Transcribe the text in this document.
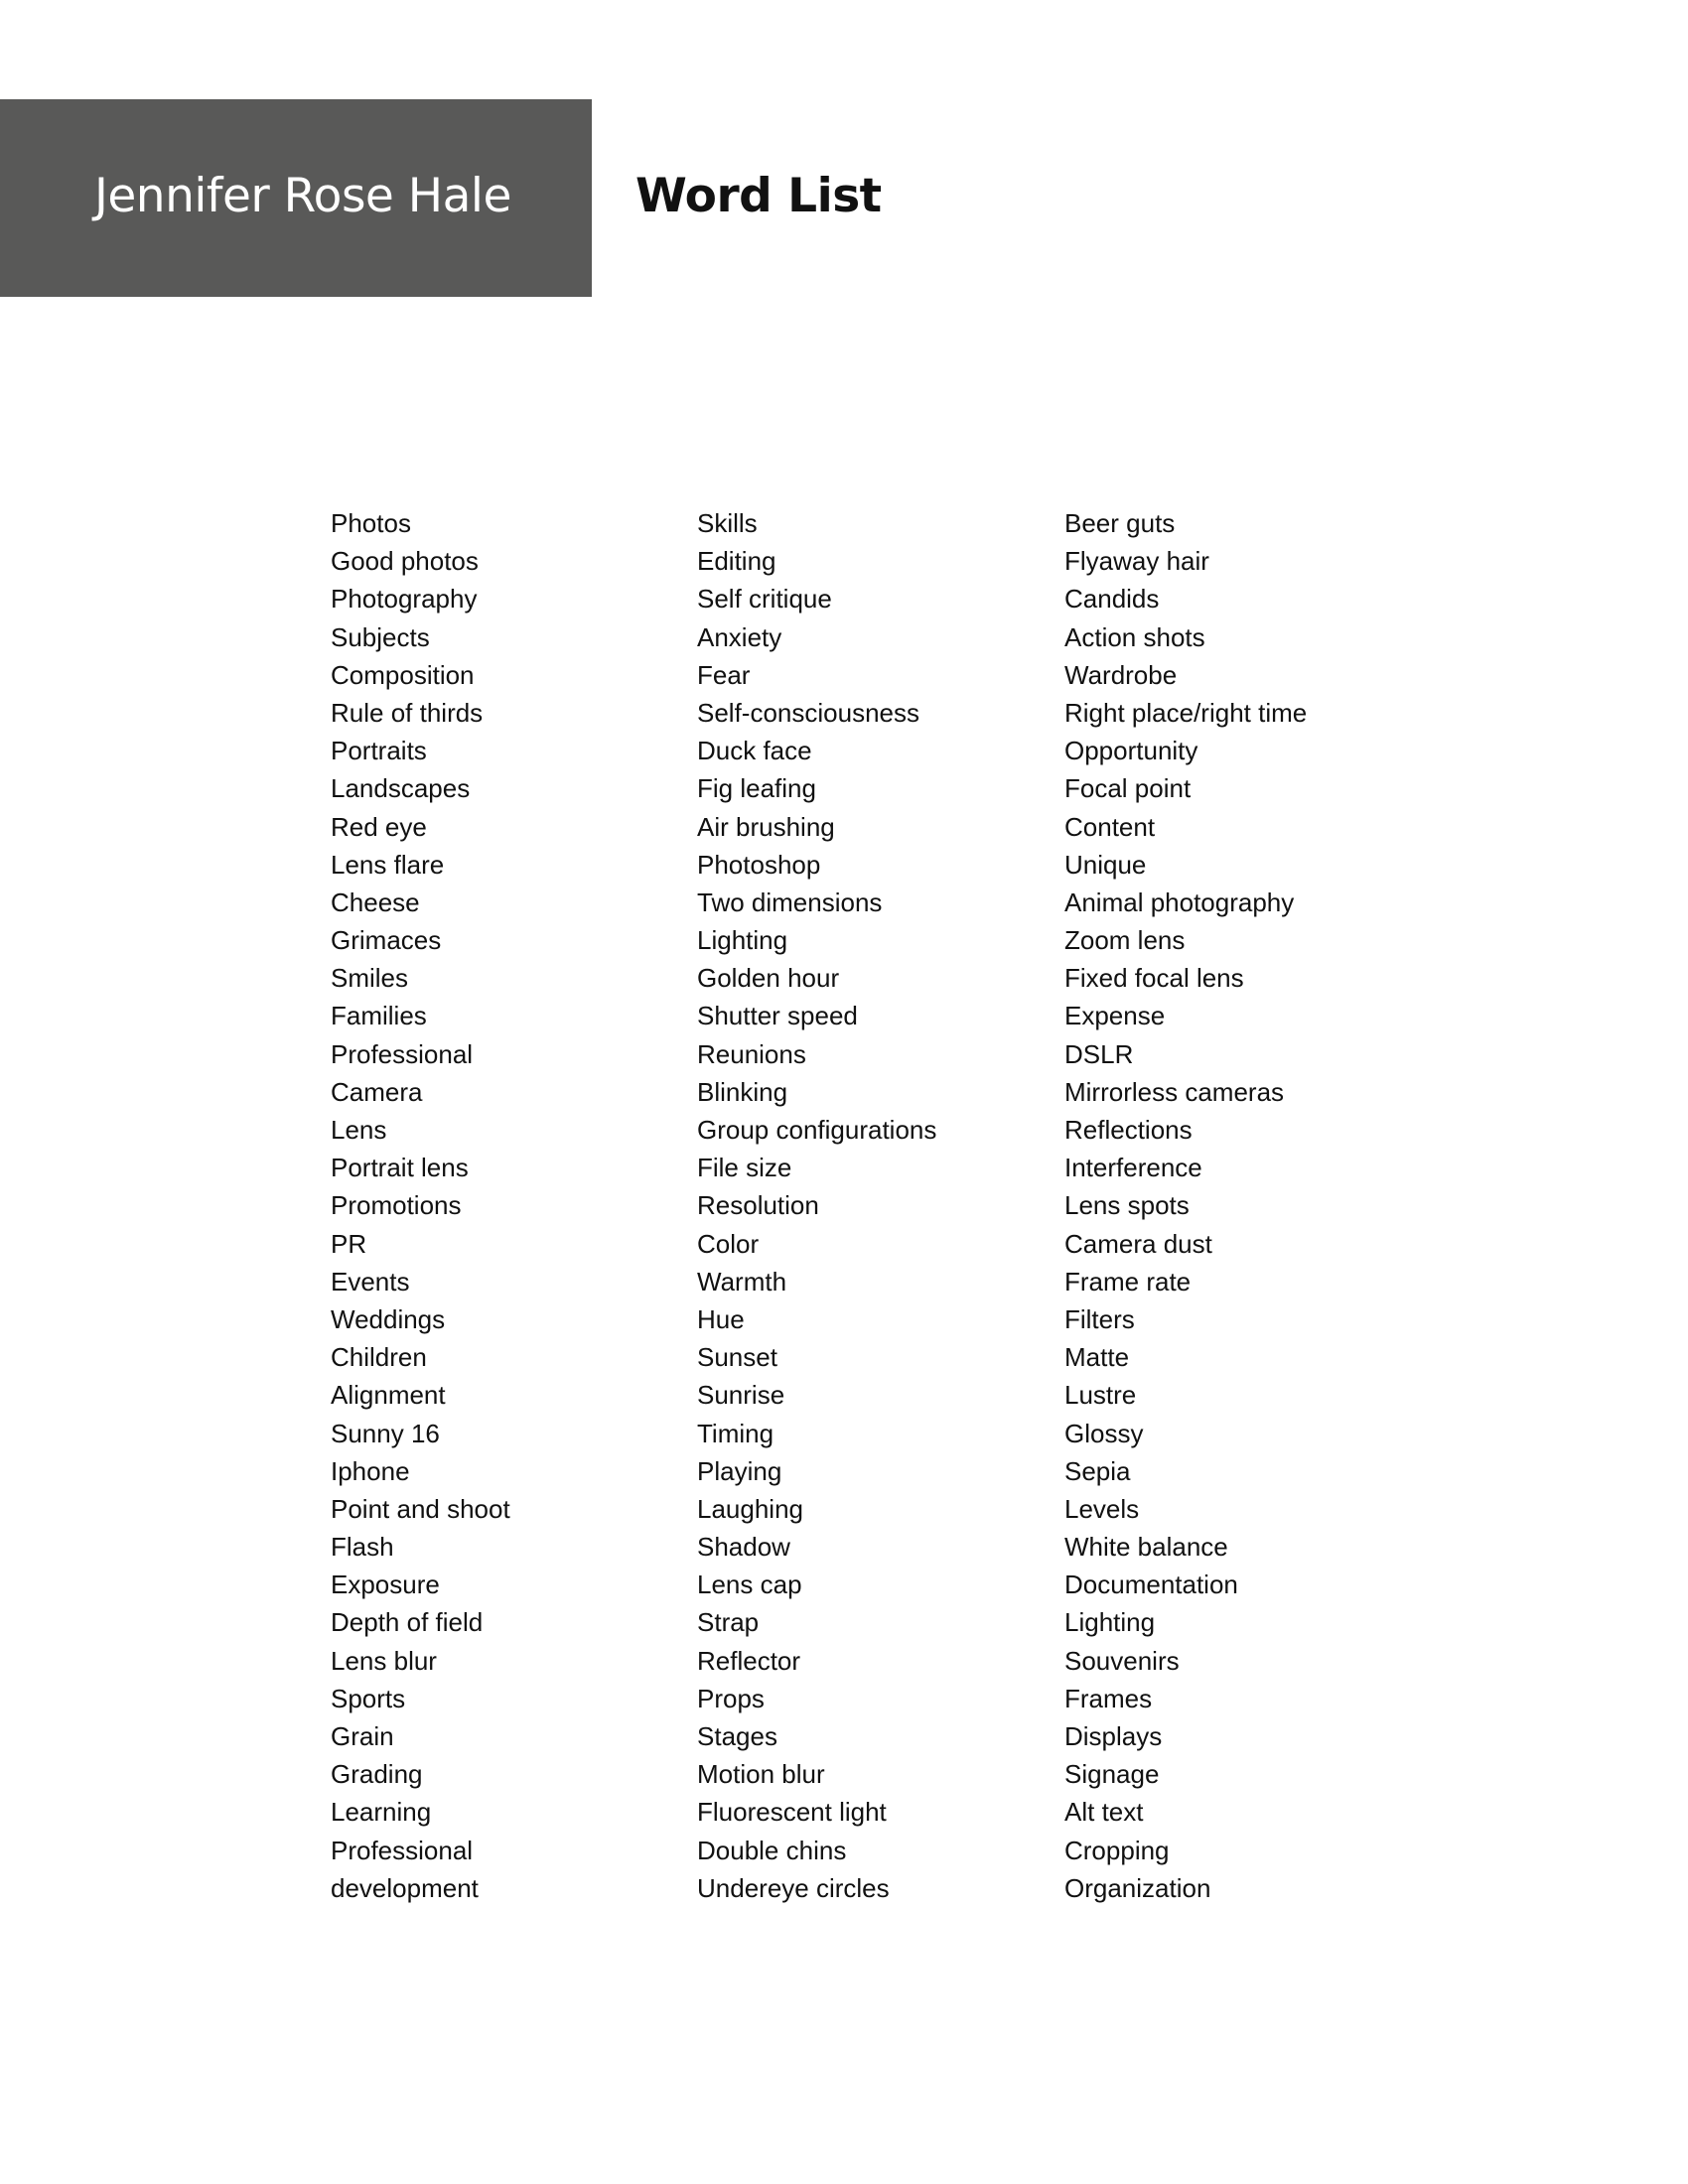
Jennifer Rose Hale	Word List
Photos
Good photos
Photography
Subjects
Composition
Rule of thirds
Portraits
Landscapes
Red eye
Lens flare
Cheese
Grimaces
Smiles
Families
Professional
Camera
Lens
Portrait lens
Promotions
PR
Events
Weddings
Children
Alignment
Sunny 16
Iphone
Point and shoot
Flash
Exposure
Depth of field
Lens blur
Sports
Grain
Grading
Learning
Professional
development
Skills
Editing
Self critique
Anxiety
Fear
Self-consciousness
Duck face
Fig leafing
Air brushing
Photoshop
Two dimensions
Lighting
Golden hour
Shutter speed
Reunions
Blinking
Group configurations
File size
Resolution
Color
Warmth
Hue
Sunset
Sunrise
Timing
Playing
Laughing
Shadow
Lens cap
Strap
Reflector
Props
Stages
Motion blur
Fluorescent light
Double chins
Undereye circles
Beer guts
Flyaway hair
Candids
Action shots
Wardrobe
Right place/right time
Opportunity
Focal point
Content
Unique
Animal photography
Zoom lens
Fixed focal lens
Expense
DSLR
Mirrorless cameras
Reflections
Interference
Lens spots
Camera dust
Frame rate
Filters
Matte
Lustre
Glossy
Sepia
Levels
White balance
Documentation
Lighting
Souvenirs
Frames
Displays
Signage
Alt text
Cropping
Organization
